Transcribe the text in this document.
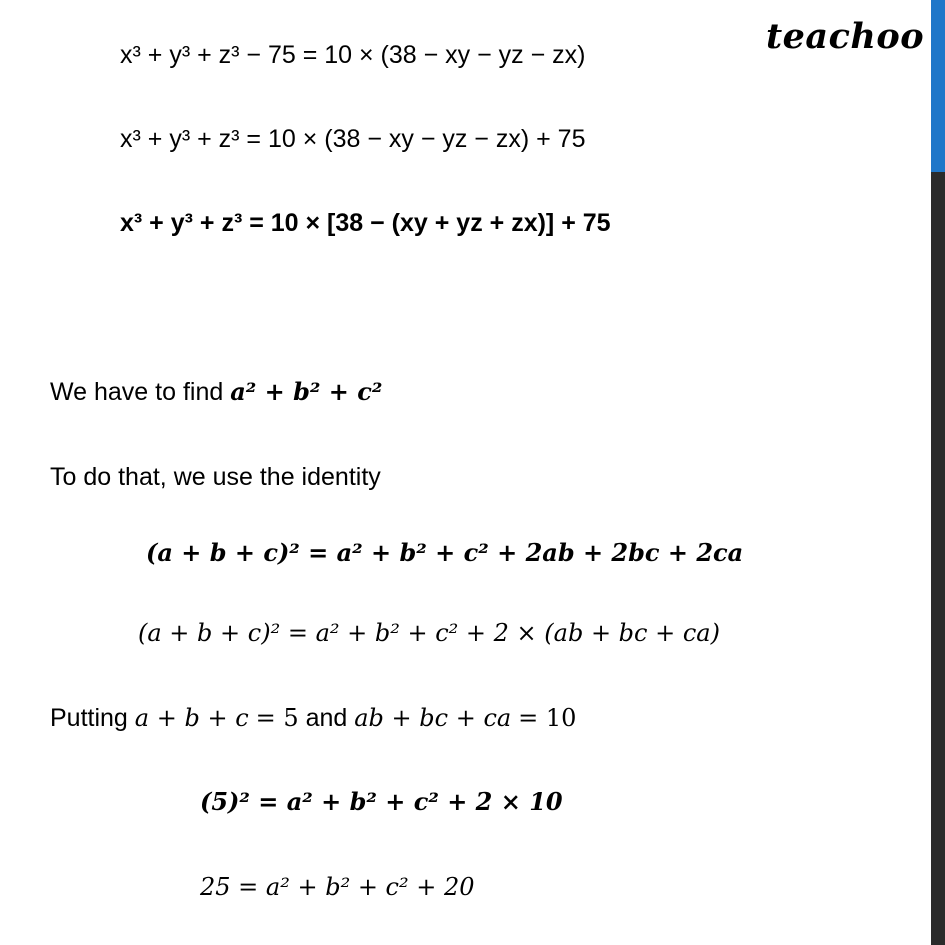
teachoo
x³ + y³ + z³ − 75 = 10 × (38 − xy − yz − zx)
x³ + y³ + z³ = 10 × (38 − xy − yz − zx) + 75
x³ + y³ + z³ = 10 × [38 − (xy + yz + zx)] + 75
We have to find a² + b² + c²
To do that, we use the identity
(a + b + c)² = a² + b² + c² + 2ab + 2bc + 2ca
(a + b + c)² = a² + b² + c² + 2 × (ab + bc + ca)
Putting a + b + c = 5 and ab + bc + ca = 10
(5)² = a² + b² + c² + 2 × 10
25 = a² + b² + c² + 20
